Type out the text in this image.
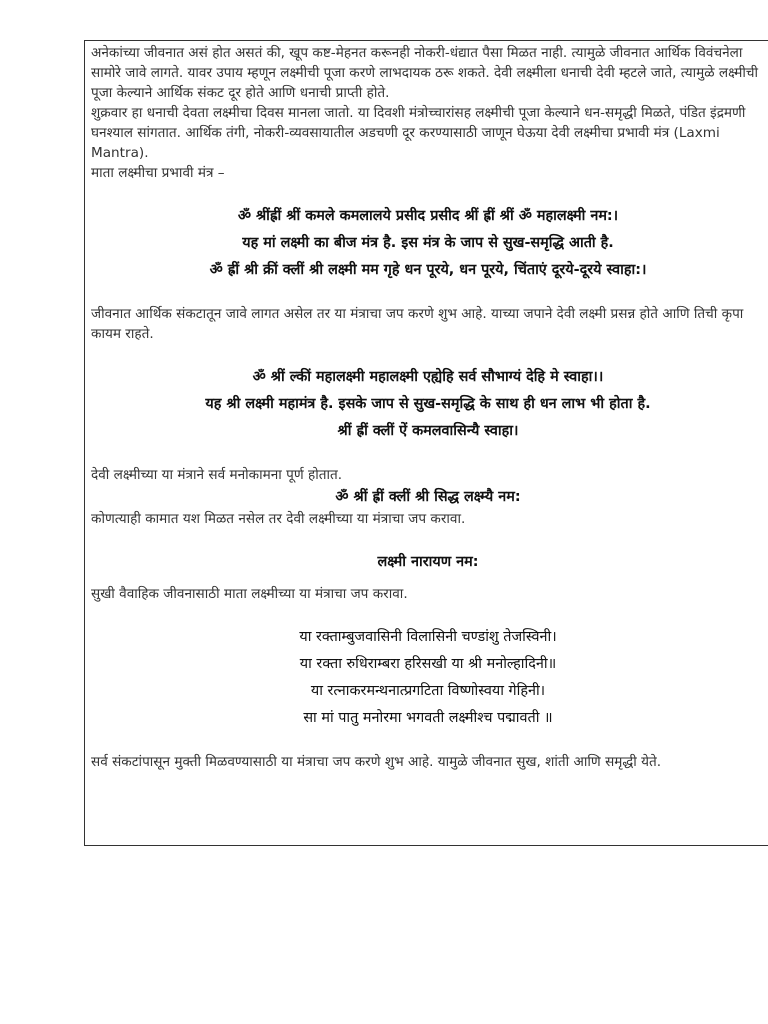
अनेकांच्या जीवनात असं होत असतं की, खूप कष्ट-मेहनत करूनही नोकरी-धंद्यात पैसा मिळत नाही. त्यामुळे जीवनात आर्थिक विवंचनेला सामोरे जावे लागते. यावर उपाय म्हणून लक्ष्मीची पूजा करणे लाभदायक ठरू शकते. देवी लक्ष्मीला धनाची देवी म्हटले जाते, त्यामुळे लक्ष्मीची पूजा केल्याने आर्थिक संकट दूर होते आणि धनाची प्राप्ती होते.

शुक्रवार हा धनाची देवता लक्ष्मीचा दिवस मानला जातो. या दिवशी मंत्रोच्चारांसह लक्ष्मीची पूजा केल्याने धन-समृद्धी मिळते, पंडित इंद्रमणी घनश्याल सांगतात. आर्थिक तंगी, नोकरी-व्यवसायातील अडचणी दूर करण्यासाठी जाणून घेऊया देवी लक्ष्मीचा प्रभावी मंत्र (Laxmi Mantra).

माता लक्ष्मीचा प्रभावी मंत्र –

ॐ श्रींह्रीं श्रीं कमले कमलालये प्रसीद प्रसीद श्रीं ह्रीं श्रीं ॐ महालक्ष्मी नम:।

यह मां लक्ष्मी का बीज मंत्र है. इस मंत्र के जाप से सुख-समृद्धि आती है.

ॐ ह्रीं श्री क्रीं क्लीं श्री लक्ष्मी मम गृहे धन पूरये, धन पूरये, चिंताएं दूरये-दूरये स्वाहा:।

जीवनात आर्थिक संकटातून जावे लागत असेल तर या मंत्राचा जप करणे शुभ आहे. याच्या जपाने देवी लक्ष्मी प्रसन्न होते आणि तिची कृपा कायम राहते.

ॐ श्रीं ल्कीं महालक्ष्मी महालक्ष्मी एह्येहि सर्व सौभाग्यं देहि मे स्वाहा।।

यह श्री लक्ष्मी महामंत्र है. इसके जाप से सुख-समृद्धि के साथ ही धन लाभ भी होता है.

श्रीं ह्रीं क्लीं ऐं कमलवासिन्यै स्वाहा।

देवी लक्ष्मीच्या या मंत्राने सर्व मनोकामना पूर्ण होतात.

ॐ श्रीं ह्रीं क्लीं श्री सिद्ध लक्ष्म्यै नम:

कोणत्याही कामात यश मिळत नसेल तर देवी लक्ष्मीच्या या मंत्राचा जप करावा.

लक्ष्मी नारायण नम:

सुखी वैवाहिक जीवनासाठी माता लक्ष्मीच्या या मंत्राचा जप करावा.

या रक्ताम्बुजवासिनी विलासिनी चण्डांशु तेजस्विनी।

या रक्ता रुधिराम्बरा हरिसखी या श्री मनोल्हादिनी॥

या रत्नाकरमन्थनात्प्रगटिता विष्णोस्वया गेहिनी।

सा मां पातु मनोरमा भगवती लक्ष्मीश्च पद्मावती ॥

सर्व संकटांपासून मुक्ती मिळवण्यासाठी या मंत्राचा जप करणे शुभ आहे. यामुळे जीवनात सुख, शांती आणि समृद्धी येते.
